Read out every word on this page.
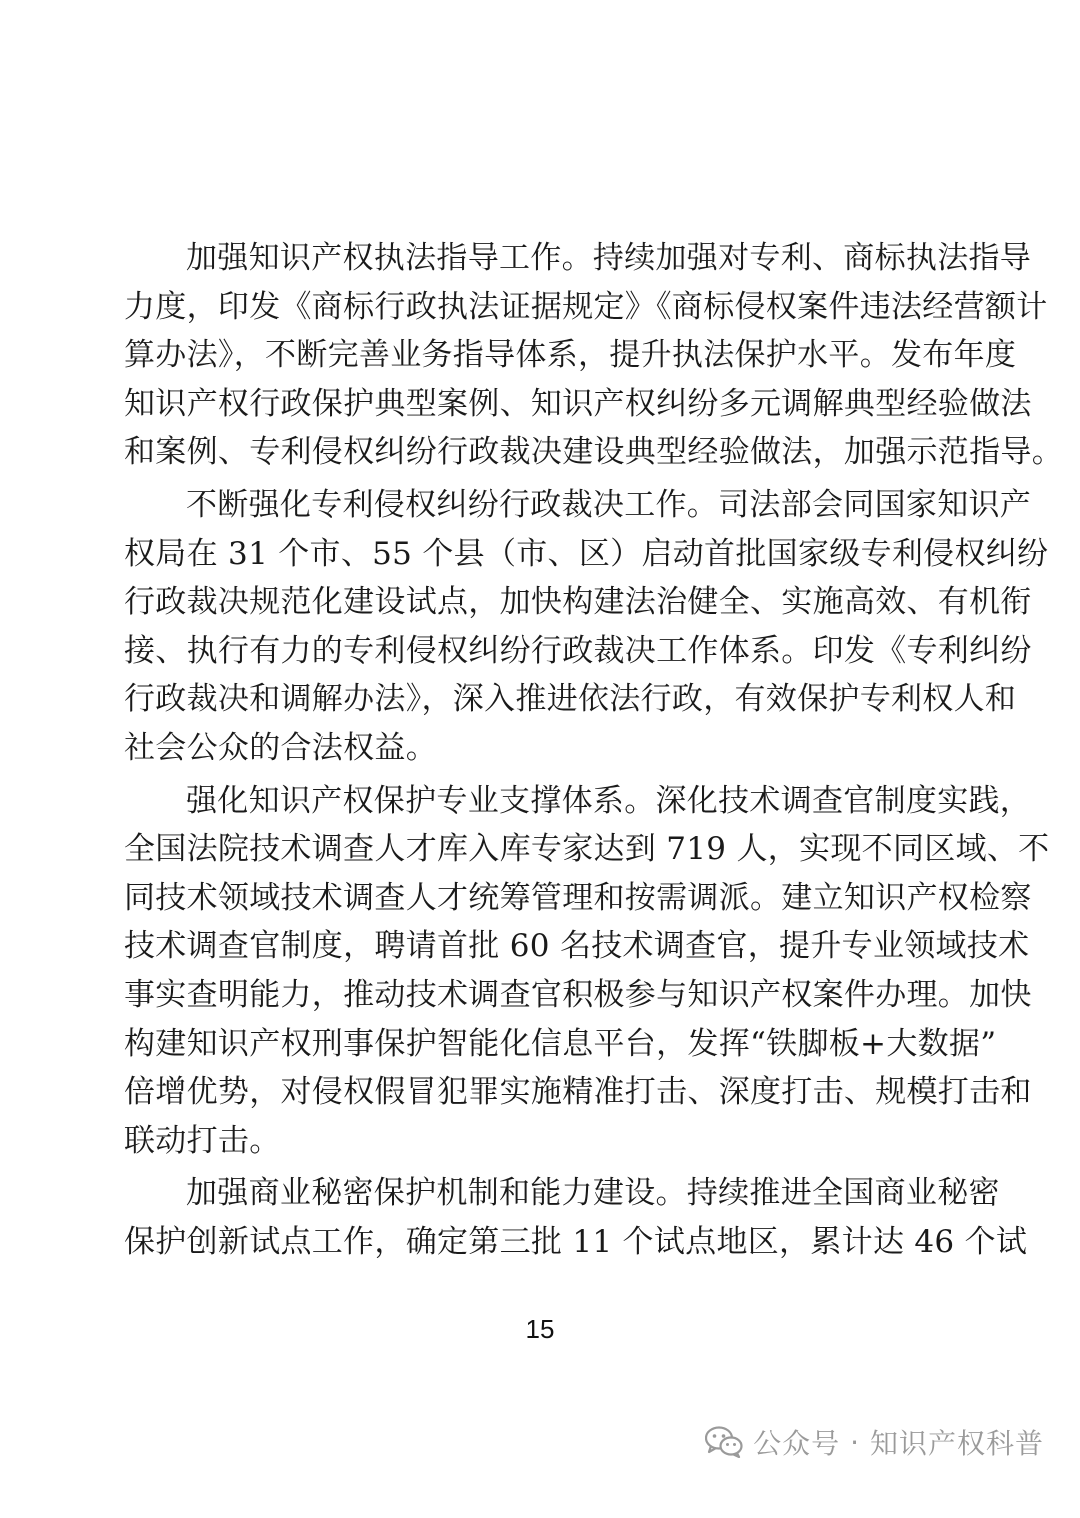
加强知识产权执法指导工作。持续加强对专利、商标执法指导
力度，印发《商标行政执法证据规定》《商标侵权案件违法经营额计
算办法》，不断完善业务指导体系，提升执法保护水平。发布年度
知识产权行政保护典型案例、知识产权纠纷多元调解典型经验做法
和案例、专利侵权纠纷行政裁决建设典型经验做法，加强示范指导。

不断强化专利侵权纠纷行政裁决工作。司法部会同国家知识产
权局在 31 个市、55 个县（市、区）启动首批国家级专利侵权纠纷
行政裁决规范化建设试点，加快构建法治健全、实施高效、有机衔
接、执行有力的专利侵权纠纷行政裁决工作体系。印发《专利纠纷
行政裁决和调解办法》，深入推进依法行政，有效保护专利权人和
社会公众的合法权益。

强化知识产权保护专业支撑体系。深化技术调查官制度实践，
全国法院技术调查人才库入库专家达到 719 人，实现不同区域、不
同技术领域技术调查人才统筹管理和按需调派。建立知识产权检察
技术调查官制度，聘请首批 60 名技术调查官，提升专业领域技术
事实查明能力，推动技术调查官积极参与知识产权案件办理。加快
构建知识产权刑事保护智能化信息平台，发挥“铁脚板+大数据”
倍增优势，对侵权假冒犯罪实施精准打击、深度打击、规模打击和
联动打击。

加强商业秘密保护机制和能力建设。持续推进全国商业秘密
保护创新试点工作，确定第三批 11 个试点地区，累计达 46 个试

15
公众号 · 知识产权科普
